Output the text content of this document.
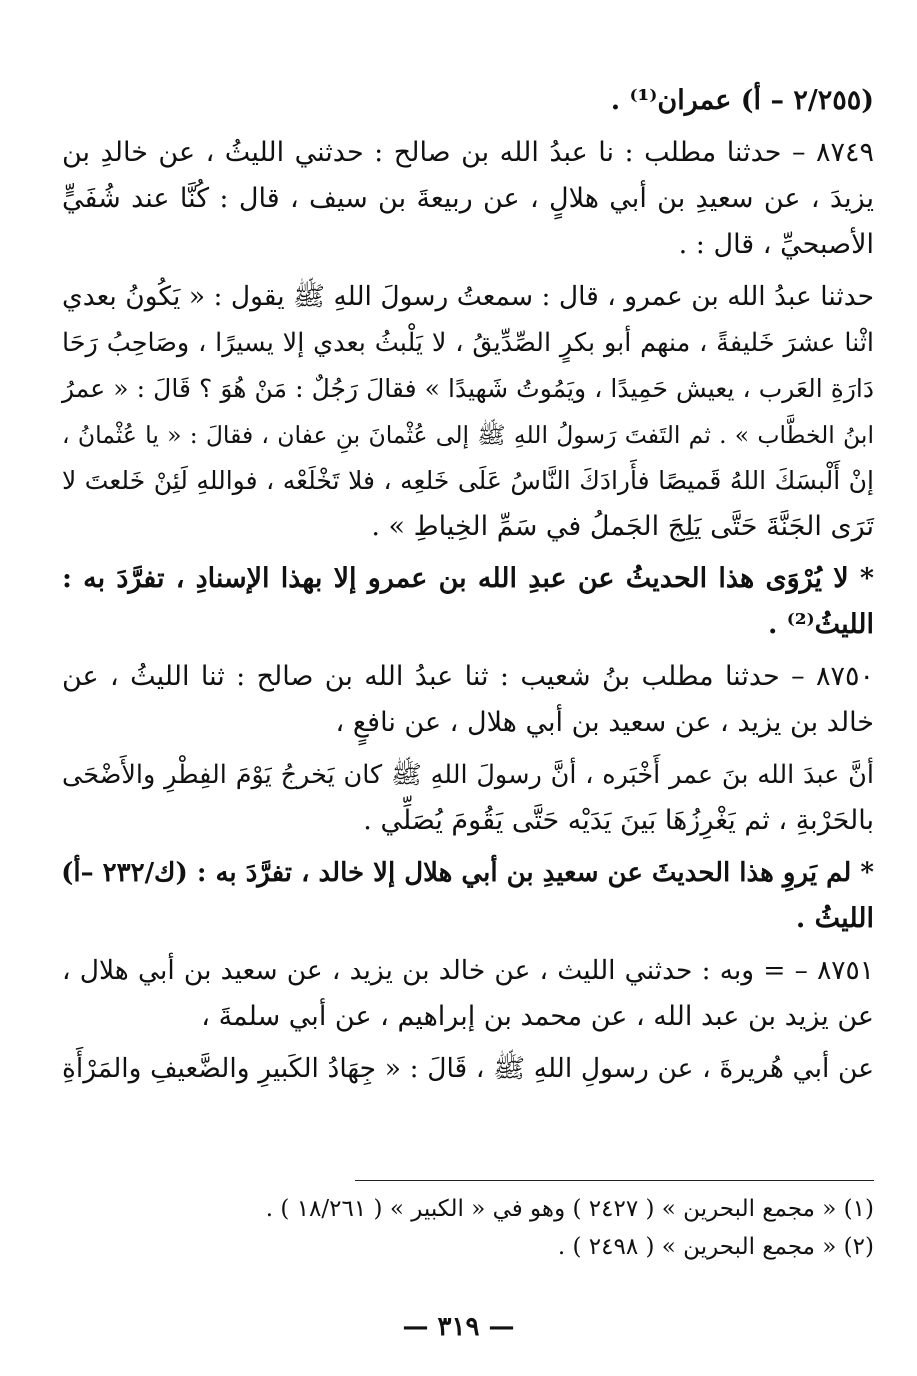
(٢/٢٥٥ – أ) عمران⁽¹⁾ .
٨٧٤٩ – حدثنا مطلب : نا عبدُ الله بن صالح : حدثني الليثُ ، عن خالدِ بن
يزيدَ ، عن سعيدِ بن أبي هلالٍ ، عن ربيعةَ بن سيف ، قال : كُنَّا عند شُفَيٍّ
الأصبحيِّ ، قال : .
حدثنا عبدُ الله بن عمرو ، قال : سمعتُ رسولَ اللهِ ﷺ يقول : « يَكُونُ بعدي
اثْنا عشرَ خَليفةً ، منهم أبو بكرٍ الصِّدِّيقُ ، لا يَلْبثُ بعدي إلا يسيرًا ، وصَاحِبُ رَحَا
دَارَةِ العَرب ، يعيش حَمِيدًا ، ويَمُوتُ شَهيدًا » فقالَ رَجُلٌ : مَنْ هُوَ ؟ قَالَ : « عمرُ
ابنُ الخطَّاب » . ثم التَفتَ رَسولُ اللهِ ﷺ إلى عُثْمانَ بنِ عفان ، فقالَ : « يا عُثْمانُ ،
إنْ أَلْبسَكَ اللهُ قَميصًا فأَرادَكَ النَّاسُ عَلَى خَلعِه ، فلا تَخْلَعْه ، فواللهِ لَئِنْ خَلعتَ لا
تَرَى الجَنَّةَ حَتَّى يَلِجَ الجَملُ في سَمِّ الخِياطِ » .
* لا يُرْوَى هذا الحديثُ عن عبدِ الله بن عمرو إلا بهذا الإسنادِ ، تفرَّدَ به :
الليثُ⁽²⁾ .
٨٧٥٠ – حدثنا مطلب بنُ شعيب : ثنا عبدُ الله بن صالح : ثنا الليثُ ، عن
خالد بن يزيد ، عن سعيد بن أبي هلال ، عن نافعٍ ،
أنَّ عبدَ الله بنَ عمر أَخْبَره ، أنَّ رسولَ اللهِ ﷺ كان يَخرجُ يَوْمَ الفِطْرِ والأَضْحَى
بالحَرْبةِ ، ثم يَغْرِزُهَا بَينَ يَدَيْه حَتَّى يَقُومَ يُصَلِّي .
* لم يَروِ هذا الحديثَ عن سعيدِ بن أبي هلال إلا خالد ، تفرَّدَ به : (ك/٢٣٢ –أ)
الليثُ .
٨٧٥١ – = وبه : حدثني الليث ، عن خالد بن يزيد ، عن سعيد بن أبي هلال ،
عن يزيد بن عبد الله ، عن محمد بن إبراهيم ، عن أبي سلمةَ ،
عن أبي هُريرةَ ، عن رسولِ اللهِ ﷺ ، قَالَ : « جِهَادُ الكَبيرِ والضَّعيفِ والمَرْأَةِ
(١) « مجمع البحرين » ( ٢٤٢٧ ) وهو في « الكبير » ( ١٨/٢٦١ ) .
(٢) « مجمع البحرين » ( ٢٤٩٨ ) .
— ٣١٩ —
